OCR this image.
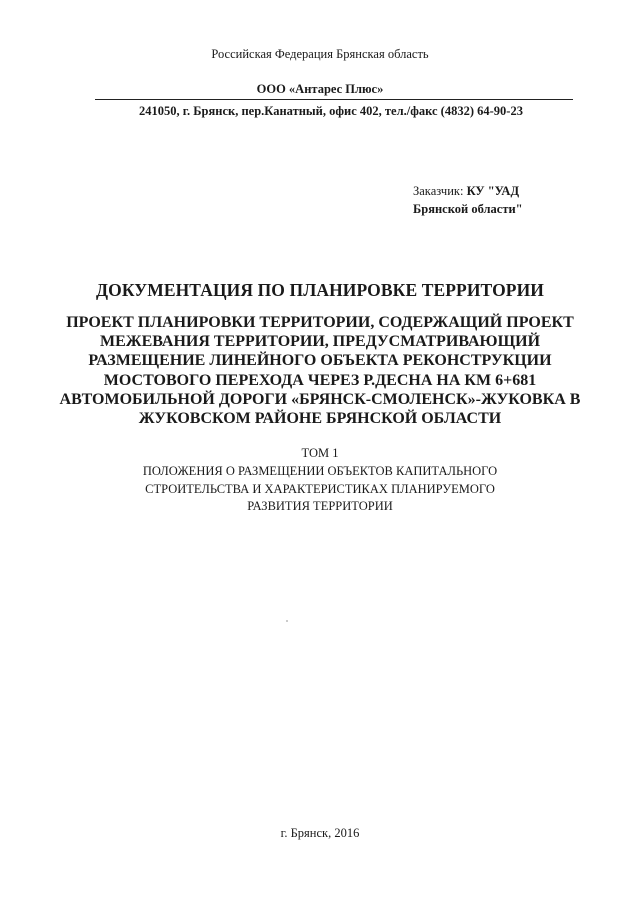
Российская Федерация Брянская область
ООО «Антарес Плюс»
241050, г. Брянск, пер.Канатный, офис 402, тел./факс (4832) 64-90-23
Заказчик: КУ "УАД
Брянской области"
ДОКУМЕНТАЦИЯ ПО ПЛАНИРОВКЕ ТЕРРИТОРИИ
ПРОЕКТ ПЛАНИРОВКИ ТЕРРИТОРИИ, СОДЕРЖАЩИЙ ПРОЕКТ
МЕЖЕВАНИЯ ТЕРРИТОРИИ, ПРЕДУСМАТРИВАЮЩИЙ
РАЗМЕЩЕНИЕ ЛИНЕЙНОГО ОБЪЕКТА РЕКОНСТРУКЦИИ
МОСТОВОГО ПЕРЕХОДА ЧЕРЕЗ Р.ДЕСНА НА КМ 6+681
АВТОМОБИЛЬНОЙ ДОРОГИ «БРЯНСК-СМОЛЕНСК»-ЖУКОВКА В
ЖУКОВСКОМ РАЙОНЕ БРЯНСКОЙ ОБЛАСТИ
ТОМ 1
ПОЛОЖЕНИЯ О РАЗМЕЩЕНИИ ОБЪЕКТОВ КАПИТАЛЬНОГО
СТРОИТЕЛЬСТВА И ХАРАКТЕРИСТИКАХ ПЛАНИРУЕМОГО
РАЗВИТИЯ ТЕРРИТОРИИ
г. Брянск, 2016
